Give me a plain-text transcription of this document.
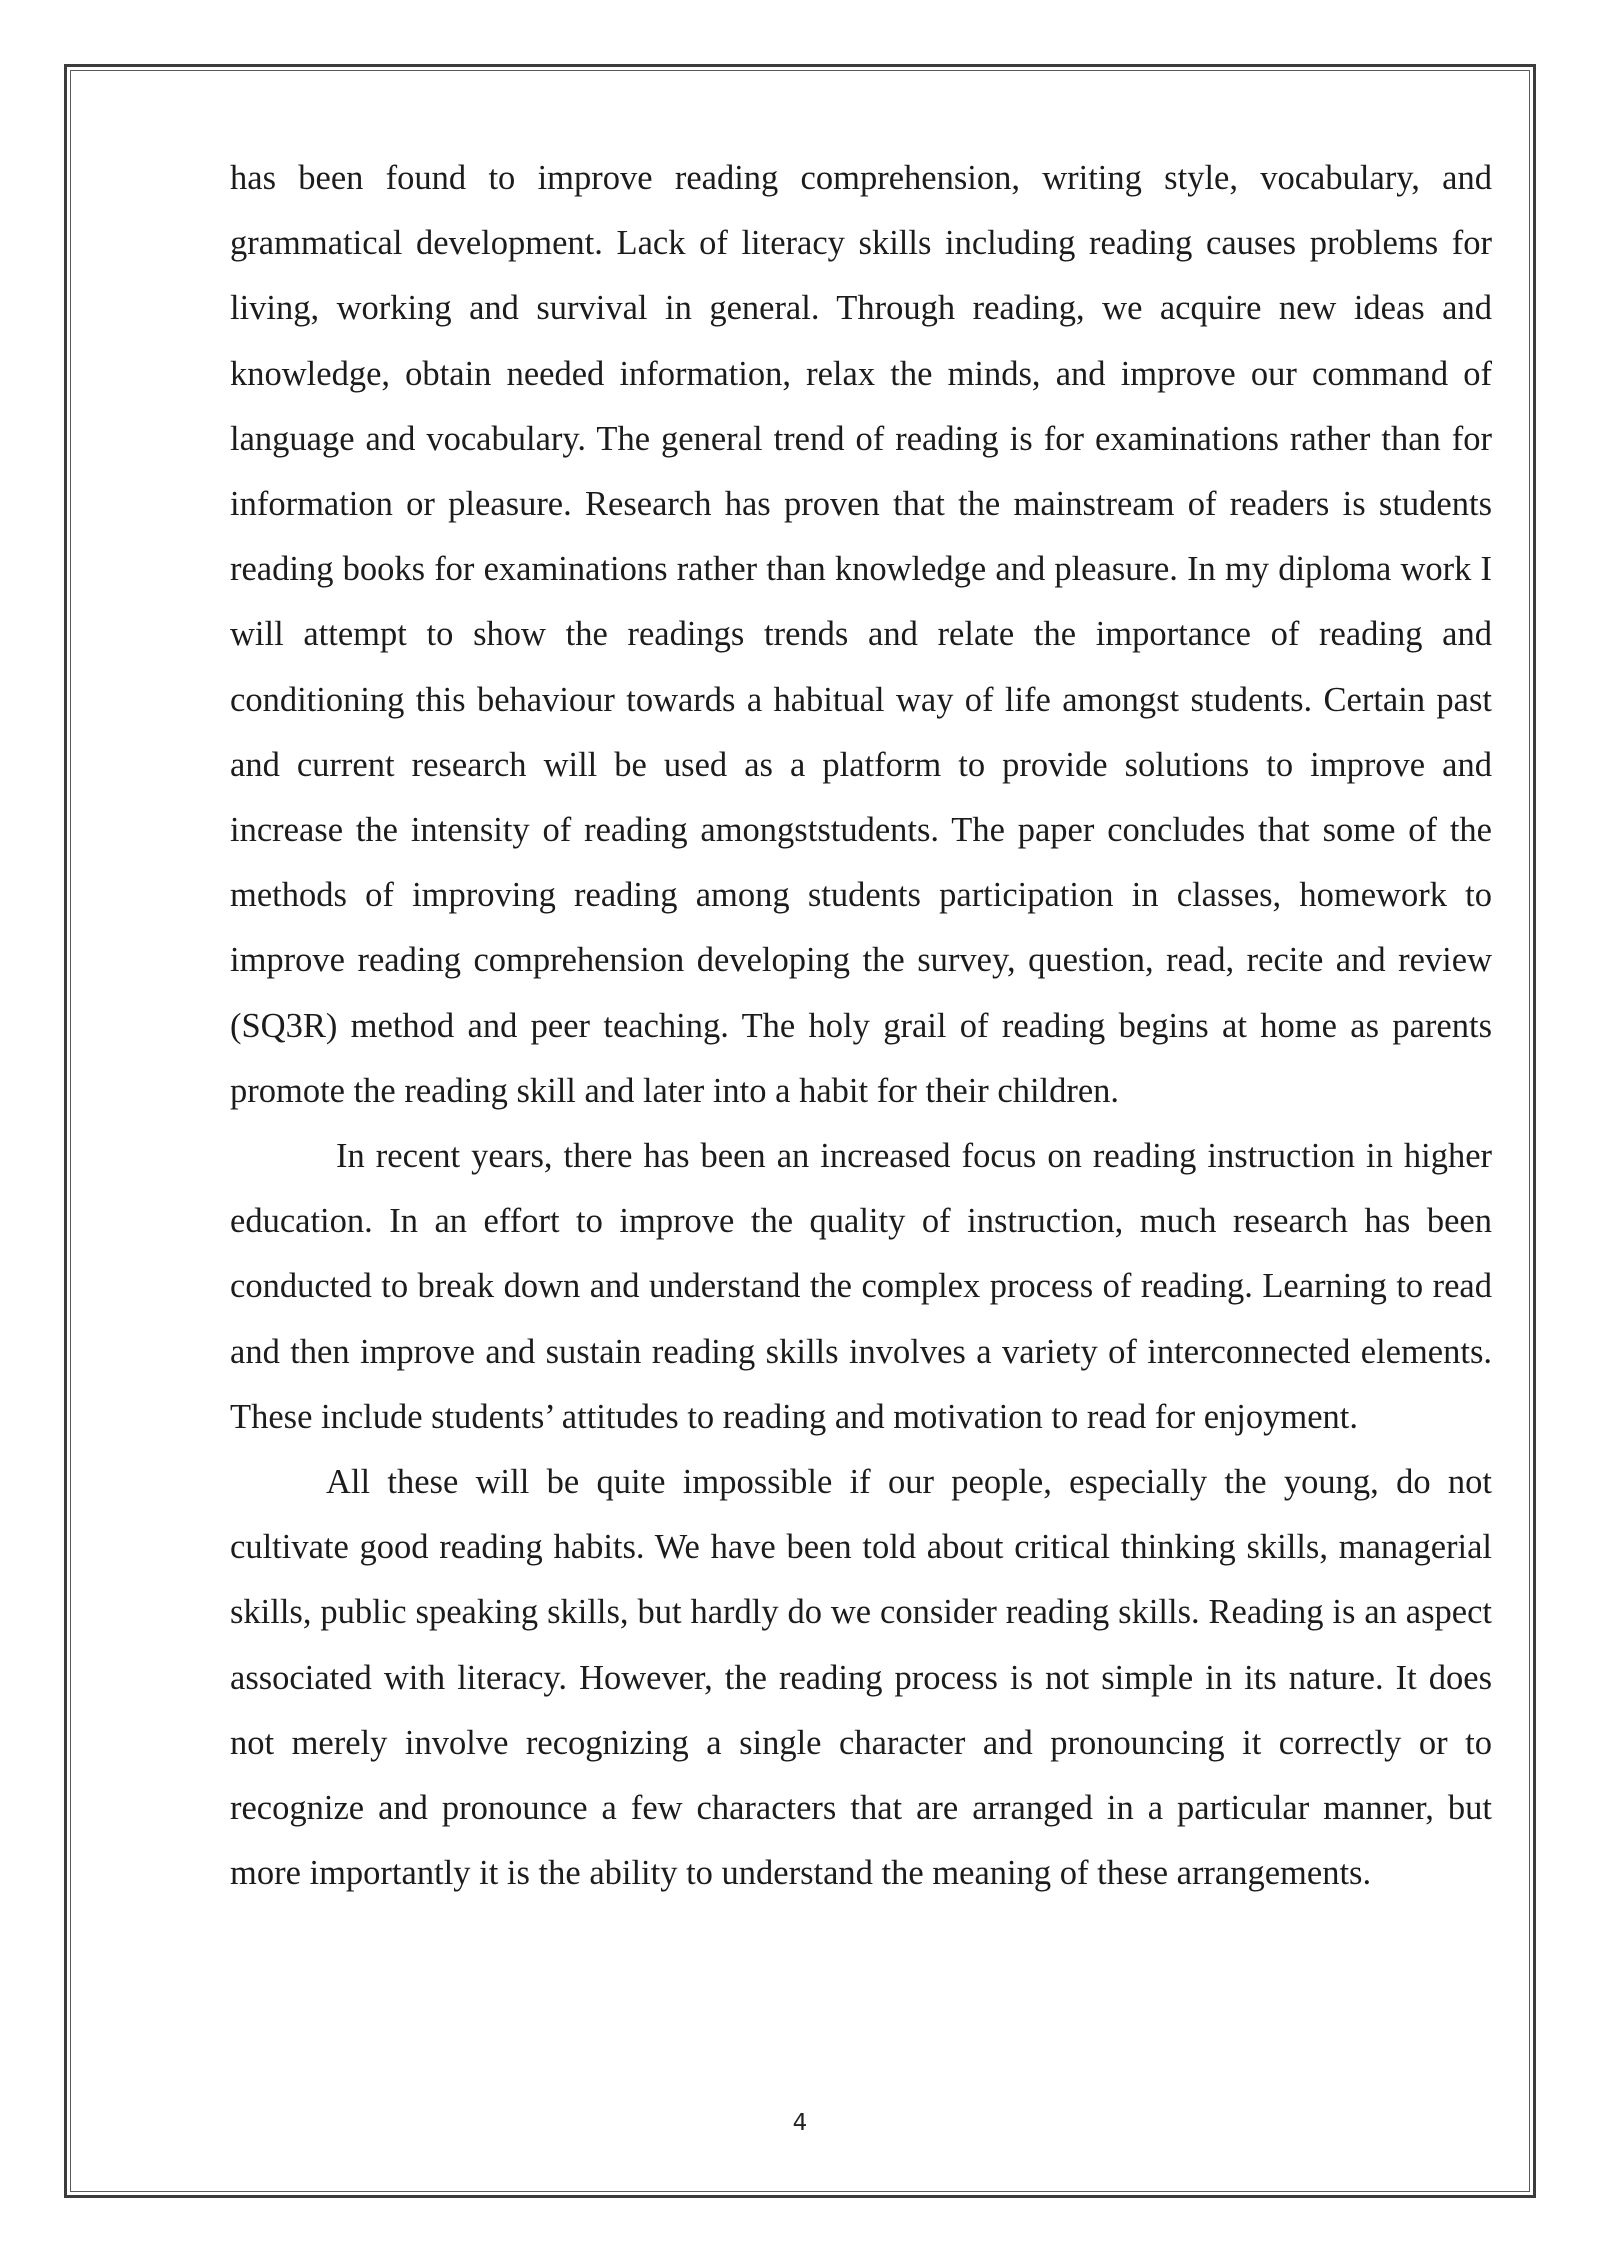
has been found to improve reading comprehension, writing style, vocabulary, and grammatical development. Lack of literacy skills including reading causes problems for living, working and survival in general. Through reading, we acquire new ideas and knowledge, obtain needed information, relax the minds, and improve our command of language and vocabulary. The general trend of reading is for examinations rather than for information or pleasure. Research has proven that the mainstream of readers is students reading books for examinations rather than knowledge and pleasure. In my diploma work I will attempt to show the readings trends and relate the importance of reading and conditioning this behaviour towards a habitual way of life amongst students. Certain past and current research will be used as a platform to provide solutions to improve and increase the intensity of reading amongststudents. The paper concludes that some of the methods of improving reading among students participation in classes, homework to improve reading comprehension developing the survey, question, read, recite and review (SQ3R) method and peer teaching. The holy grail of reading begins at home as parents promote the reading skill and later into a habit for their children.

In recent years, there has been an increased focus on reading instruction in higher education. In an effort to improve the quality of instruction, much research has been conducted to break down and understand the complex process of reading. Learning to read and then improve and sustain reading skills involves a variety of interconnected elements. These include students’ attitudes to reading and motivation to read for enjoyment.

All these will be quite impossible if our people, especially the young, do not cultivate good reading habits. We have been told about critical thinking skills, managerial skills, public speaking skills, but hardly do we consider reading skills. Reading is an aspect associated with literacy. However, the reading process is not simple in its nature. It does not merely involve recognizing a single character and pronouncing it correctly or to recognize and pronounce a few characters that are arranged in a particular manner, but more importantly it is the ability to understand the meaning of these arrangements.

4
